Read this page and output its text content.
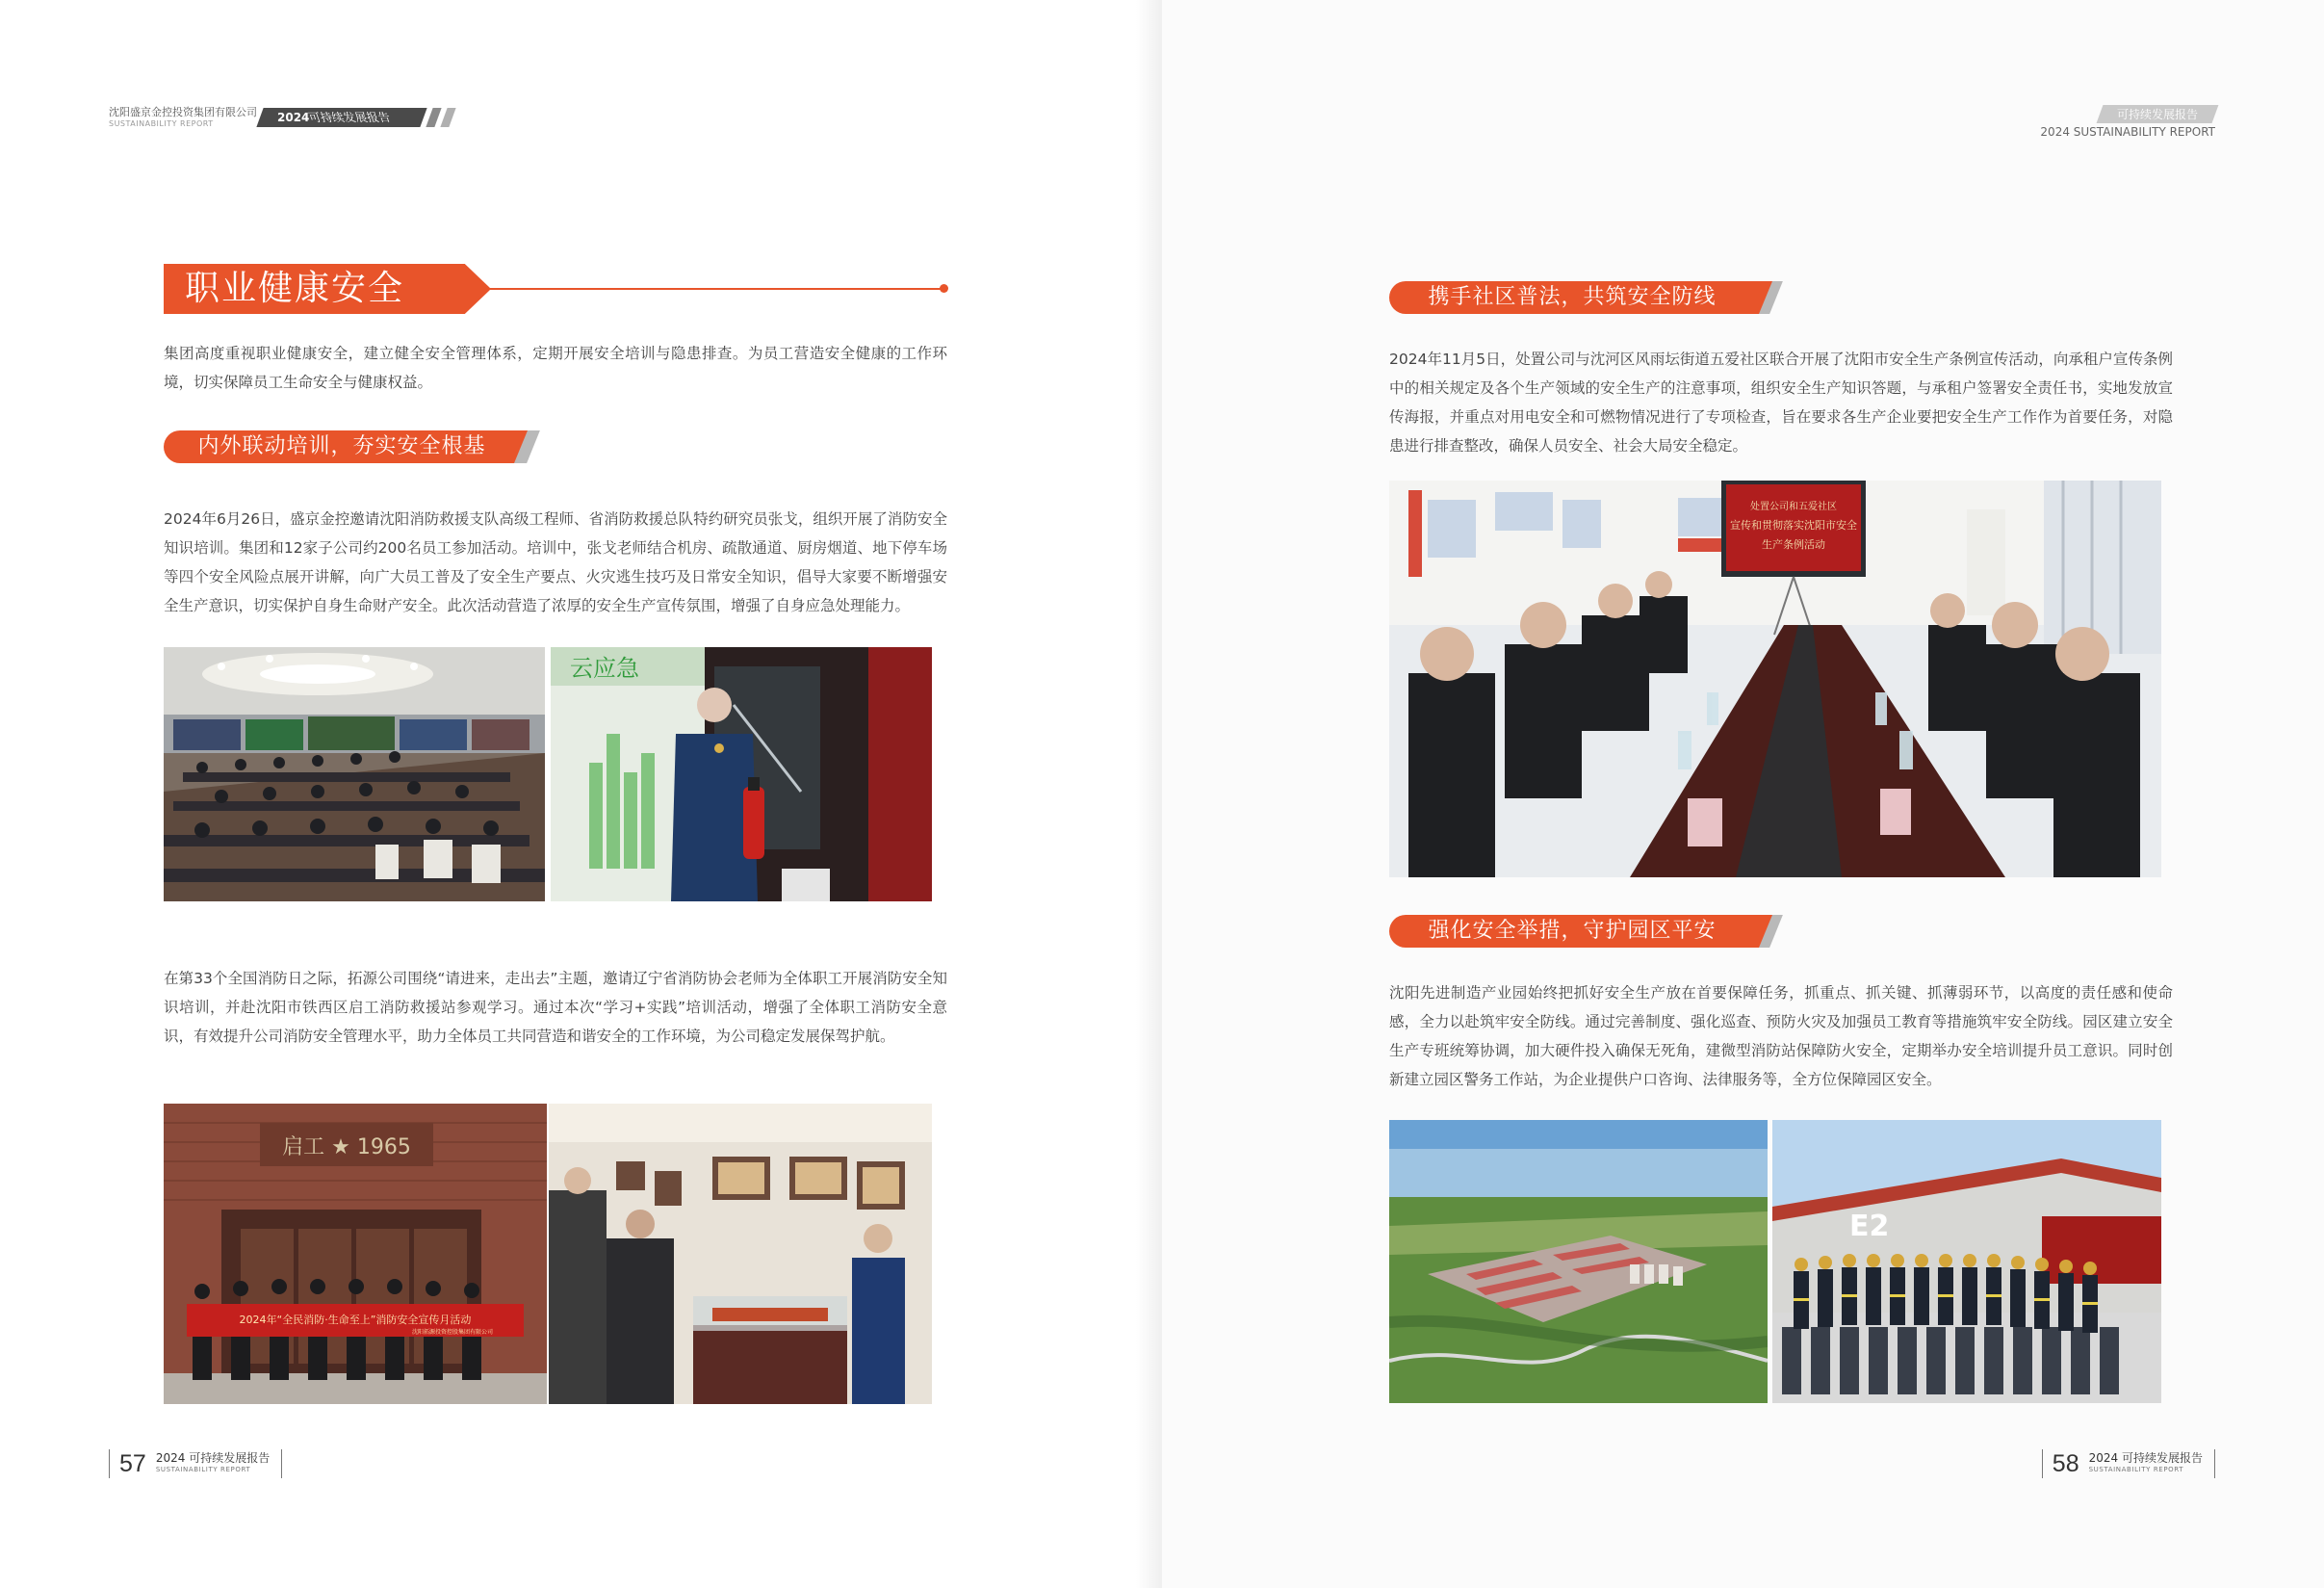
沈阳盛京金控投资集团有限公司
SUSTAINABILITY REPORT	2024可持续发展报告
职业健康安全
集团高度重视职业健康安全，建立健全安全管理体系，定期开展安全培训与隐患排查。为员工营造安全健康的工作环境，切实保障员工生命安全与健康权益。
内外联动培训，夯实安全根基
2024年6月26日，盛京金控邀请沈阳消防救援支队高级工程师、省消防救援总队特约研究员张戈，组织开展了消防安全知识培训。集团和12家子公司约200名员工参加活动。培训中，张戈老师结合机房、疏散通道、厨房烟道、地下停车场等四个安全风险点展开讲解，向广大员工普及了安全生产要点、火灾逃生技巧及日常安全知识，倡导大家要不断增强安全生产意识，切实保护自身生命财产安全。此次活动营造了浓厚的安全生产宣传氛围，增强了自身应急处理能力。
云应急
在第33个全国消防日之际，拓源公司围绕“请进来，走出去”主题，邀请辽宁省消防协会老师为全体职工开展消防安全知识培训，并赴沈阳市铁西区启工消防救援站参观学习。通过本次“学习+实践”培训活动，增强了全体职工消防安全意识，有效提升公司消防安全管理水平，助力全体员工共同营造和谐安全的工作环境，为公司稳定发展保驾护航。
启工 ★ 1965
2024年“全民消防·生命至上”消防安全宣传月活动
沈阳拓源投资控股集团有限公司
57 2024 可持续发展报告
SUSTAINABILITY REPORT
可持续发展报告
2024 SUSTAINABILITY REPORT
携手社区普法，共筑安全防线
2024年11月5日，处置公司与沈河区风雨坛街道五爱社区联合开展了沈阳市安全生产条例宣传活动，向承租户宣传条例中的相关规定及各个生产领域的安全生产的注意事项，组织安全生产知识答题，与承租户签署安全责任书，实地发放宣传海报，并重点对用电安全和可燃物情况进行了专项检查，旨在要求各生产企业要把安全生产工作作为首要任务，对隐患进行排查整改，确保人员安全、社会大局安全稳定。
处置公司和五爱社区
宣传和贯彻落实沈阳市安全
生产条例活动
强化安全举措，守护园区平安
沈阳先进制造产业园始终把抓好安全生产放在首要保障任务，抓重点、抓关键、抓薄弱环节，以高度的责任感和使命感，全力以赴筑牢安全防线。通过完善制度、强化巡查、预防火灾及加强员工教育等措施筑牢安全防线。园区建立安全生产专班统筹协调，加大硬件投入确保无死角，建微型消防站保障防火安全，定期举办安全培训提升员工意识。同时创新建立园区警务工作站，为企业提供户口咨询、法律服务等，全方位保障园区安全。
E2
58 2024 可持续发展报告
SUSTAINABILITY REPORT
